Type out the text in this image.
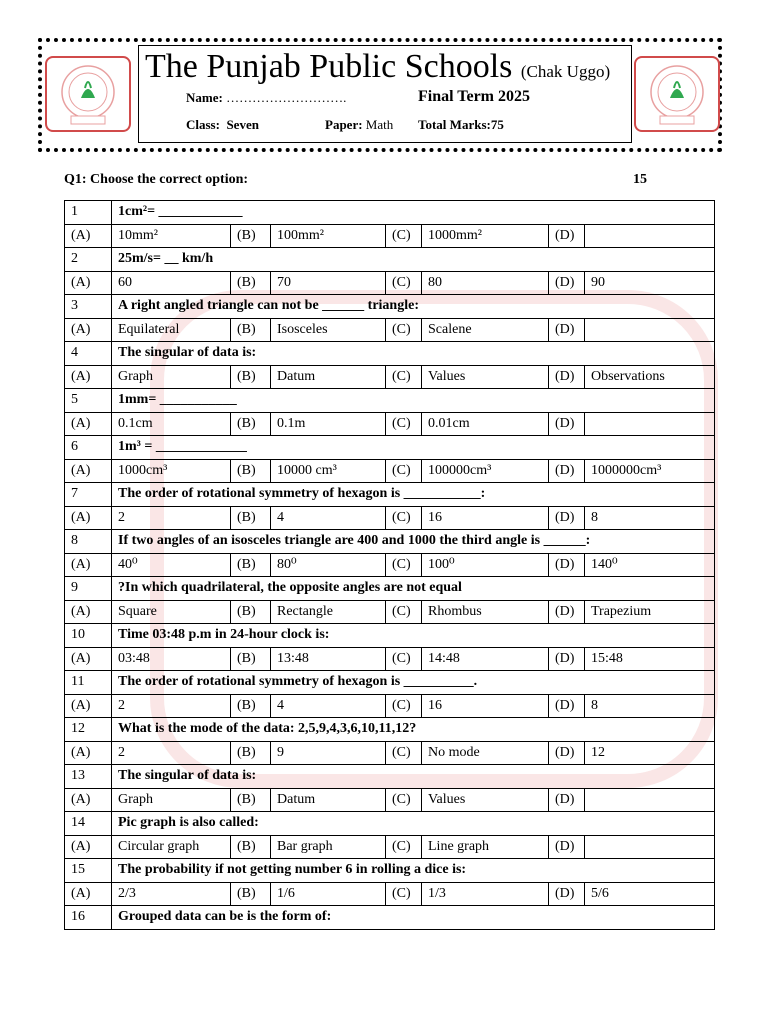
The Punjab Public Schools (Chak Uggo)
Name: ……………………….	Final Term 2025
Class: Seven	Paper: Math Total Marks:75
Q1: Choose the correct option:	15
1	1cm²= ____________						
(A)	10mm²	(B)	100mm²	(C)	1000mm²	(D)	
2	25m/s= __ km/h						
(A)	60	(B)	70	(C)	80	(D)	90
3	A right angled triangle can not be ______ triangle:						
(A)	Equilateral	(B)	Isosceles	(C)	Scalene	(D)	
4	The singular of data is:						
(A)	Graph	(B)	Datum	(C)	Values	(D)	Observations
5	1mm= ___________						
(A)	0.1cm	(B)	0.1m	(C)	0.01cm	(D)	
6	1m³ = _____________						
(A)	1000cm³	(B)	10000 cm³	(C)	100000cm³	(D)	1000000cm³
7	The order of rotational symmetry of hexagon is ___________:						
(A)	2	(B)	4	(C)	16	(D)	8
8	If two angles of an isosceles triangle are 400 and 1000 the third angle is ______:						
(A)	40⁰	(B)	80⁰	(C)	100⁰	(D)	140⁰
9	?In which quadrilateral, the opposite angles are not equal						
(A)	Square	(B)	Rectangle	(C)	Rhombus	(D)	Trapezium
10	Time 03:48 p.m in 24-hour clock is:						
(A)	03:48	(B)	13:48	(C)	14:48	(D)	15:48
11	The order of rotational symmetry of hexagon is __________.						
(A)	2	(B)	4	(C)	16	(D)	8
12	What is the mode of the data: 2,5,9,4,3,6,10,11,12?						
(A)	2	(B)	9	(C)	No mode	(D)	12
13	The singular of data is:						
(A)	Graph	(B)	Datum	(C)	Values	(D)	
14	Pic graph is also called:						
(A)	Circular graph	(B)	Bar graph	(C)	Line graph	(D)	
15	The probability if not getting number 6 in rolling a dice is:						
(A)	2/3	(B)	1/6	(C)	1/3	(D)	5/6
16	Grouped data can be is the form of:						
